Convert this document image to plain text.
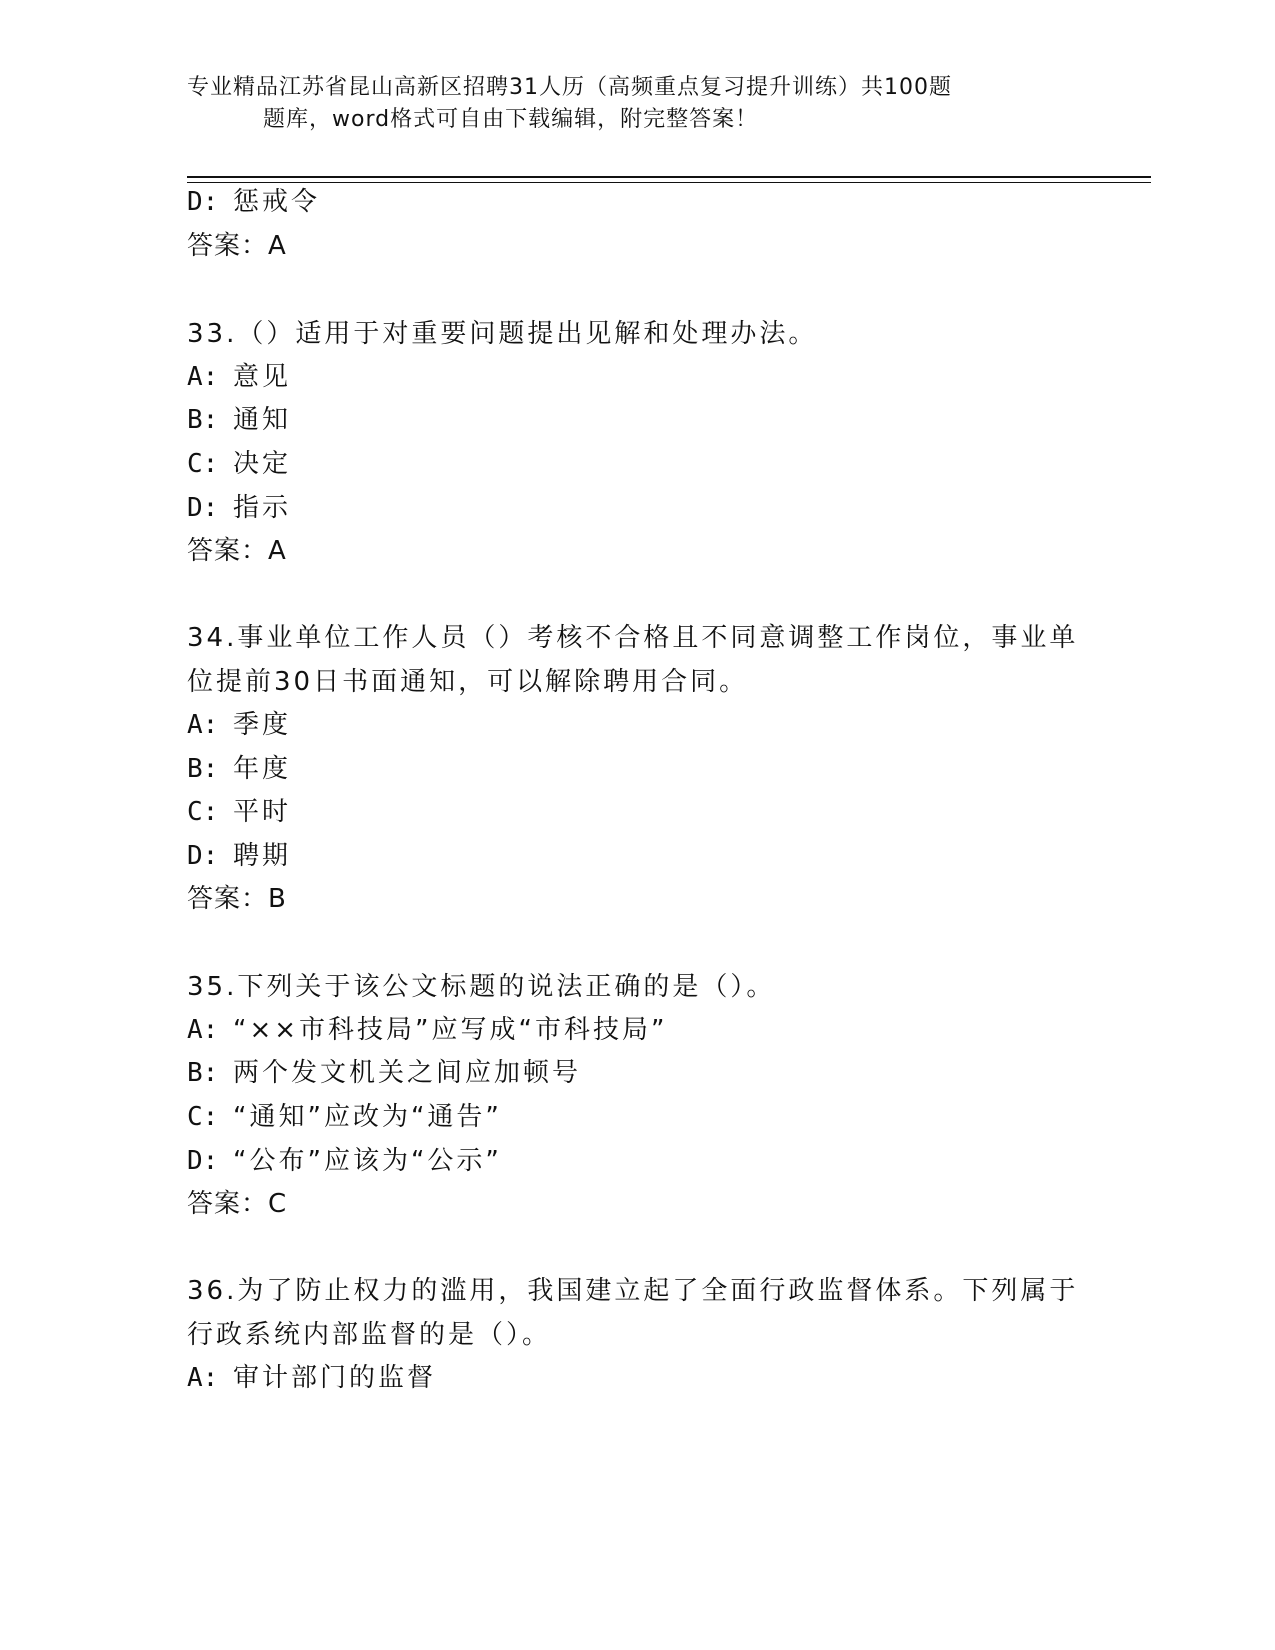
专业精品江苏省昆山高新区招聘31人历（高频重点复习提升训练）共100题
题库，word格式可自由下载编辑，附完整答案！
D: 惩戒令
答案：A
33.（）适用于对重要问题提出见解和处理办法。
A: 意见
B: 通知
C: 决定
D: 指示
答案：A
34.事业单位工作人员（）考核不合格且不同意调整工作岗位，事业单
位提前30日书面通知，可以解除聘用合同。
A: 季度
B: 年度
C: 平时
D: 聘期
答案：B
35.下列关于该公文标题的说法正确的是（）。
A: “××市科技局”应写成“市科技局”
B: 两个发文机关之间应加顿号
C: “通知”应改为“通告”
D: “公布”应该为“公示”
答案：C
36.为了防止权力的滥用，我国建立起了全面行政监督体系。下列属于
行政系统内部监督的是（）。
A: 审计部门的监督
